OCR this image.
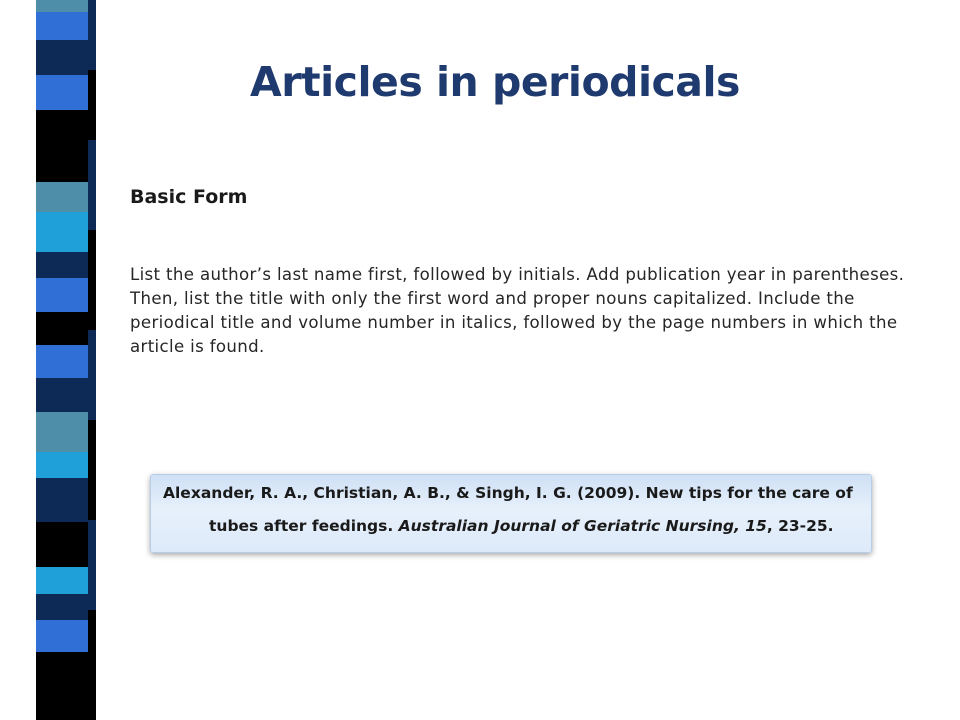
Articles in periodicals

Basic Form

List the author’s last name first, followed by initials. Add publication year in parentheses. Then, list the title with only the first word and proper nouns capitalized. Include the periodical title and volume number in italics, followed by the page numbers in which the article is found.

Alexander, R. A., Christian, A. B., & Singh, I. G. (2009). New tips for the care of

tubes after feedings. Australian Journal of Geriatric Nursing, 15, 23-25.
